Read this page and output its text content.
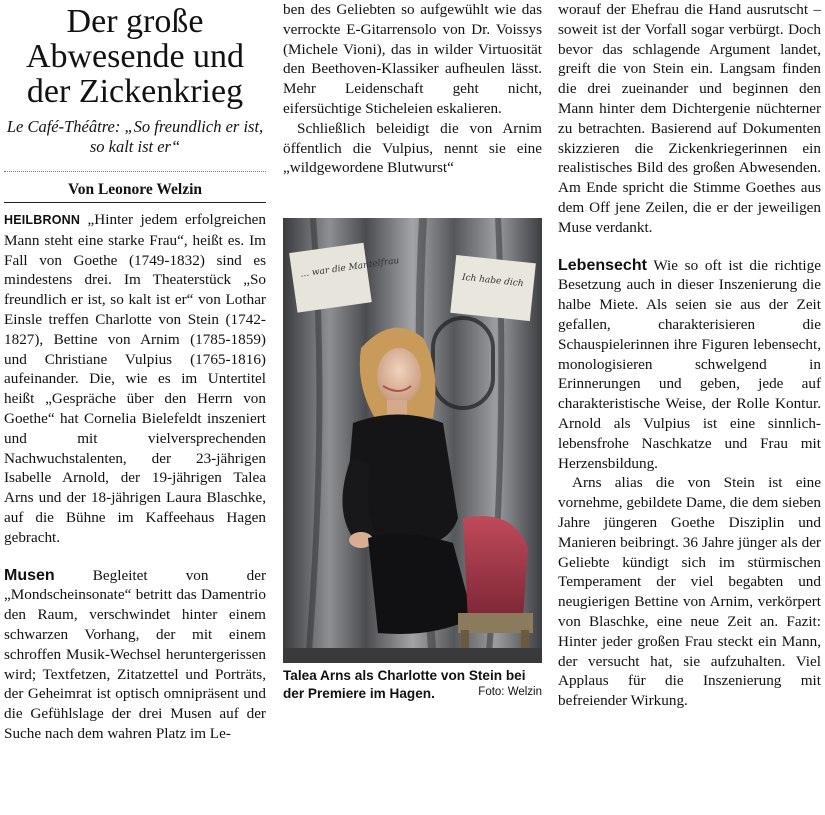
Der große Abwesende und der Zickenkrieg
Le Café-Théâtre: „So freundlich er ist, so kalt ist er“
Von Leonore Welzin

HEILBRONN „Hinter jedem erfolgreichen Mann steht eine starke Frau“, heißt es. Im Fall von Goethe (1749-1832) sind es mindestens drei. Im Theaterstück „So freundlich er ist, so kalt ist er“ von Lothar Einsle treffen Charlotte von Stein (1742-1827), Bettine von Arnim (1785-1859) und Christiane Vulpius (1765-1816) aufeinander. Die, wie es im Untertitel heißt „Gespräche über den Herrn von Goethe“ hat Cornelia Bielefeldt inszeniert und mit vielversprechenden Nachwuchstalenten, der 23-jährigen Isabelle Arnold, der 19-jährigen Talea Arns und der 18-jährigen Laura Blaschke, auf die Bühne im Kaffeehaus Hagen gebracht.

Musen	Begleitet von der „Mondscheinsonate“ betritt das Damentrio den Raum, verschwindet hinter einem schwarzen Vorhang, der mit einem schroffen Musik-Wechsel heruntergerissen wird; Textfetzen, Zitatzettel und Porträts, der Geheimrat ist optisch omnipräsent und die Gefühlslage der drei Musen auf der Suche nach dem wahren Platz im Le-

ben des Geliebten so aufgewühlt wie das verrockte E-Gitarrensolo von Dr. Voissys (Michele Vioni), das in wilder Virtuosität den Beethoven-Klassiker aufheulen lässt. Mehr Leidenschaft geht nicht, eifersüchtige Sticheleien eskalieren.

Schließlich beleidigt die von Arnim öffentlich die Vulpius, nennt sie eine „wildgewordene Blutwurst“

… war die Mantelfrau
Ich habe dich
Talea Arns als Charlotte von Stein bei der Premiere im Hagen.	Foto: Welzin

worauf der Ehefrau die Hand ausrutscht – soweit ist der Vorfall sogar verbürgt. Doch bevor das schlagende Argument landet, greift die von Stein ein. Langsam finden die drei zueinander und beginnen den Mann hinter dem Dichtergenie nüchterner zu betrachten. Basierend auf Dokumenten skizzieren die Zickenkriegerinnen ein realistisches Bild des großen Abwesenden. Am Ende spricht die Stimme Goethes aus dem Off jene Zeilen, die er der jeweiligen Muse verdankt.

Lebensecht Wie so oft ist die richtige Besetzung auch in dieser Inszenierung die halbe Miete. Als seien sie aus der Zeit gefallen, charakterisieren die Schauspielerinnen ihre Figuren lebensecht, monologisieren schwelgend in Erinnerungen und geben, jede auf charakteristische Weise, der Rolle Kontur. Arnold als Vulpius ist eine sinnlich-lebensfrohe Naschkatze und Frau mit Herzensbildung.

Arns alias die von Stein ist eine vornehme, gebildete Dame, die dem sieben Jahre jüngeren Goethe Disziplin und Manieren beibringt. 36 Jahre jünger als der Geliebte kündigt sich im stürmischen Temperament der viel begabten und neugierigen Bettine von Arnim, verkörpert von Blaschke, eine neue Zeit an. Fazit: Hinter jeder großen Frau steckt ein Mann, der versucht hat, sie aufzuhalten. Viel Applaus für die Inszenierung mit befreiender Wirkung.
